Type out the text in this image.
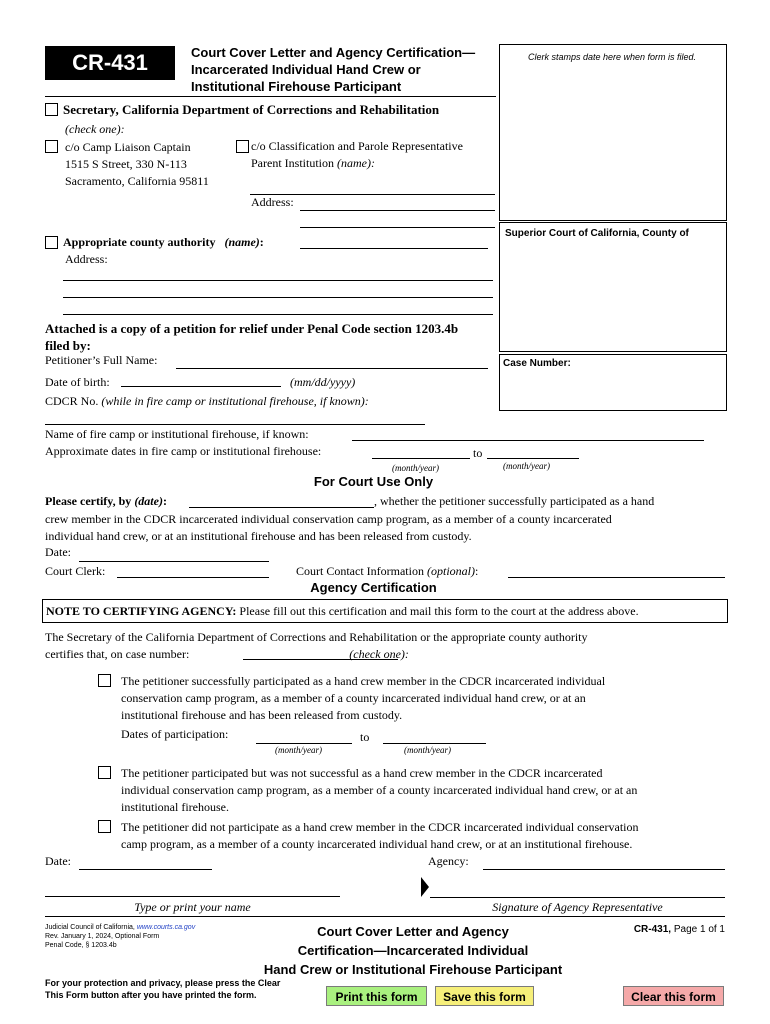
CR-431	Court Cover Letter and Agency Certification—
Incarcerated Individual Hand Crew or
Institutional Firehouse Participant
Clerk stamps date here when form is filed.
Superior Court of California, County of
Case Number:
Secretary, California Department of Corrections and Rehabilitation
(check one):
c/o Camp Liaison Captain
1515 S Street, 330 N-113
Sacramento, California 95811
c/o Classification and Parole Representative
Parent Institution (name):
Address:
Appropriate county authority (name):
Address:
Attached is a copy of a petition for relief under Penal Code section 1203.4b
filed by:
Petitioner’s Full Name:
Date of birth:	(mm/dd/yyyy)
CDCR No. (while in fire camp or institutional firehouse, if known):
Name of fire camp or institutional firehouse, if known:
Approximate dates in fire camp or institutional firehouse:	to
(month/year)	(month/year)
For Court Use Only
Please certify, by (date):	, whether the petitioner successfully participated as a hand
crew member in the CDCR incarcerated individual conservation camp program, as a member of a county incarcerated
individual hand crew, or at an institutional firehouse and has been released from custody.
Date:
Court Clerk:	Court Contact Information (optional):
Agency Certification
NOTE TO CERTIFYING AGENCY: Please fill out this certification and mail this form to the court at the address above.
The Secretary of the California Department of Corrections and Rehabilitation or the appropriate county authority
certifies that, on case number:	(check one):
The petitioner successfully participated as a hand crew member in the CDCR incarcerated individual
conservation camp program, as a member of a county incarcerated individual hand crew, or at an
institutional firehouse and has been released from custody.
Dates of participation:	to
(month/year)	(month/year)
The petitioner participated but was not successful as a hand crew member in the CDCR incarcerated
individual conservation camp program, as a member of a county incarcerated individual hand crew, or at an
institutional firehouse.
The petitioner did not participate as a hand crew member in the CDCR incarcerated individual conservation
camp program, as a member of a county incarcerated individual hand crew, or at an institutional firehouse.
Date:	Agency:
Type or print your name	Signature of Agency Representative
Judicial Council of California, www.courts.ca.gov
Rev. January 1, 2024, Optional Form
Penal Code, § 1203.4b
Court Cover Letter and Agency
Certification—Incarcerated Individual
Hand Crew or Institutional Firehouse Participant
CR-431, Page 1 of 1
For your protection and privacy, please press the Clear
This Form button after you have printed the form.	Print this form	Save this form	Clear this form
